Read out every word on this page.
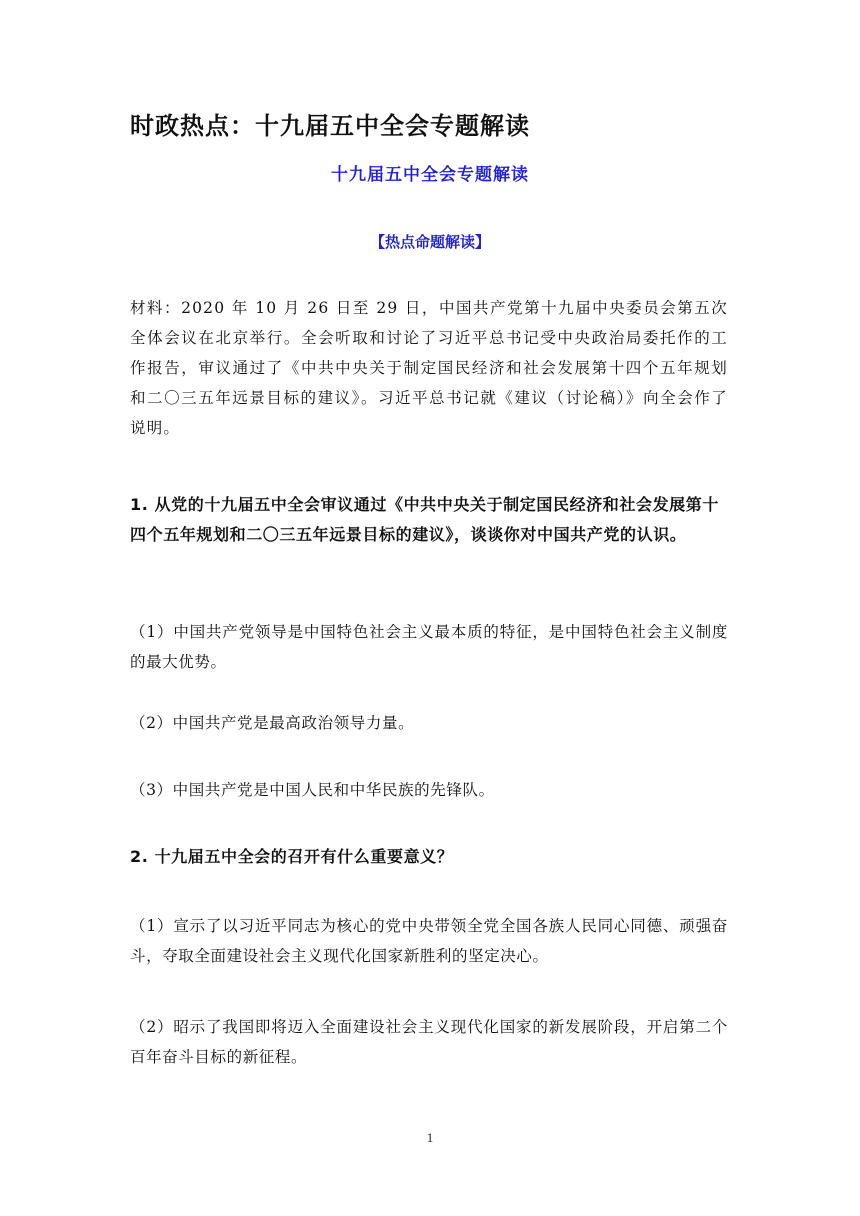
时政热点：十九届五中全会专题解读
十九届五中全会专题解读
【热点命题解读】
材料：2020 年 10 月 26 日至 29 日，中国共产党第十九届中央委员会第五次全体会议在北京举行。全会听取和讨论了习近平总书记受中央政治局委托作的工作报告，审议通过了《中共中央关于制定国民经济和社会发展第十四个五年规划和二〇三五年远景目标的建议》。习近平总书记就《建议（讨论稿）》向全会作了说明。
1. 从党的十九届五中全会审议通过《中共中央关于制定国民经济和社会发展第十四个五年规划和二〇三五年远景目标的建议》，谈谈你对中国共产党的认识。
（1）中国共产党领导是中国特色社会主义最本质的特征，是中国特色社会主义制度的最大优势。
（2）中国共产党是最高政治领导力量。
（3）中国共产党是中国人民和中华民族的先锋队。
2. 十九届五中全会的召开有什么重要意义？
（1）宣示了以习近平同志为核心的党中央带领全党全国各族人民同心同德、顽强奋斗，夺取全面建设社会主义现代化国家新胜利的坚定决心。
（2）昭示了我国即将迈入全面建设社会主义现代化国家的新发展阶段，开启第二个百年奋斗目标的新征程。
1
